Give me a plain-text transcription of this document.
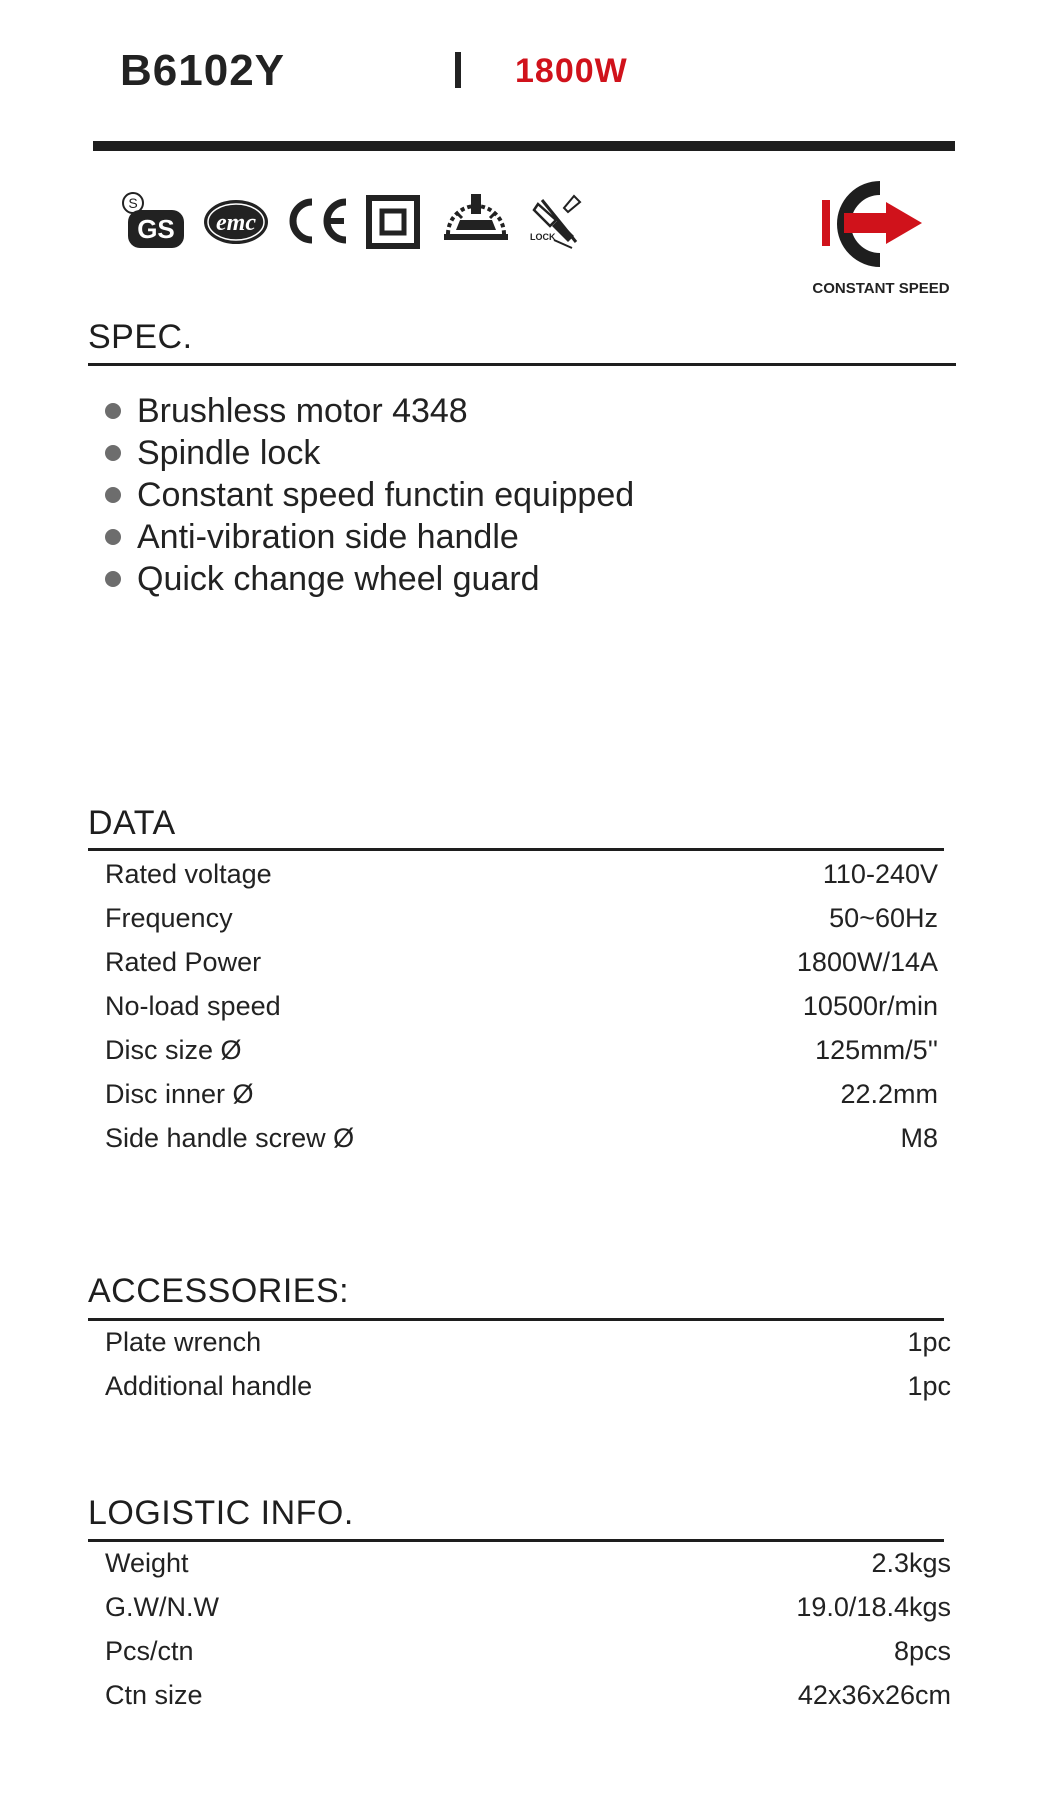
B6102Y	1800W
S
GS emc
LOCK
CONSTANT SPEED
SPEC.
Brushless motor 4348
Spindle lock
Constant speed functin equipped
Anti-vibration side handle
Quick change wheel guard
DATA
Rated voltage	110-240V
Frequency	50~60Hz
Rated Power	1800W/14A
No-load speed	10500r/min
Disc size Ø	125mm/5''
Disc inner Ø	22.2mm
Side handle screw Ø	M8
ACCESSORIES:
Plate wrench	1pc
Additional handle	1pc
LOGISTIC INFO.
Weight	2.3kgs
G.W/N.W	19.0/18.4kgs
Pcs/ctn	8pcs
Ctn size	42x36x26cm
